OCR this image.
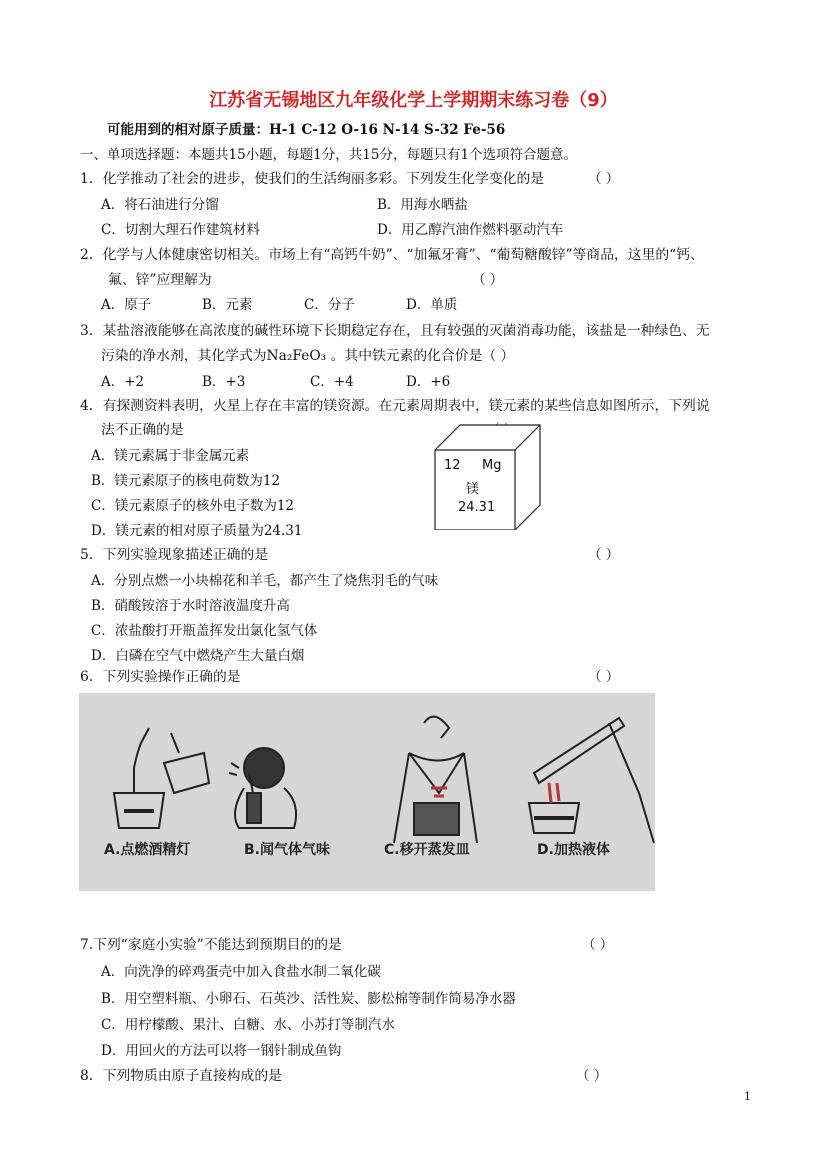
江苏省无锡地区九年级化学上学期期末练习卷（9）
可能用到的相对原子质量：H-1 C-12 O-16 N-14 S-32 Fe-56
一、单项选择题：本题共15小题，每题1分，共15分，每题只有1个选项符合题意。
1．化学推动了社会的进步，使我们的生活绚丽多彩。下列发生化学变化的是	（ ）
A．将石油进行分馏	B．用海水晒盐
C．切割大理石作建筑材料	D．用乙醇汽油作燃料驱动汽车
2．化学与人体健康密切相关。市场上有“高钙牛奶”、“加氟牙膏”、“葡萄糖酸锌”等商品，这里的“钙、
氟、锌”应理解为	（ ）
A．原子	B．元素	C．分子	D．单质
3．某盐溶液能够在高浓度的碱性环境下长期稳定存在，且有较强的灭菌消毒功能，该盐是一种绿色、无
污染的净水剂，其化学式为Na₂FeO₃ 。其中铁元素的化合价是（ ）
A．+2	B．+3	C．+4	D．+6
4．有探测资料表明，火星上存在丰富的镁资源。在元素周期表中，镁元素的某些信息如图所示，下列说
法不正确的是
A．镁元素属于非金属元素
B．镁元素原子的核电荷数为12
C．镁元素原子的核外电子数为12
D．镁元素的相对原子质量为24.31
12 Mg
镁
24.31
5．下列实验现象描述正确的是	（ ）
A．分别点燃一小块棉花和羊毛，都产生了烧焦羽毛的气味
B．硝酸铵溶于水时溶液温度升高
C．浓盐酸打开瓶盖挥发出氯化氢气体
D．白磷在空气中燃烧产生大量白烟
6．下列实验操作正确的是	（ ）
A.点燃酒精灯	B.闻气体气味	C.移开蒸发皿	D.加热液体
7.下列“家庭小实验”不能达到预期目的的是	（ ）
A．向洗净的碎鸡蛋壳中加入食盐水制二氧化碳
B．用空塑料瓶、小卵石、石英沙、活性炭、膨松棉等制作简易净水器
C．用柠檬酸、果汁、白糖、水、小苏打等制汽水
D．用回火的方法可以将一钢针制成鱼钩
8．下列物质由原子直接构成的是	（ ）
1
